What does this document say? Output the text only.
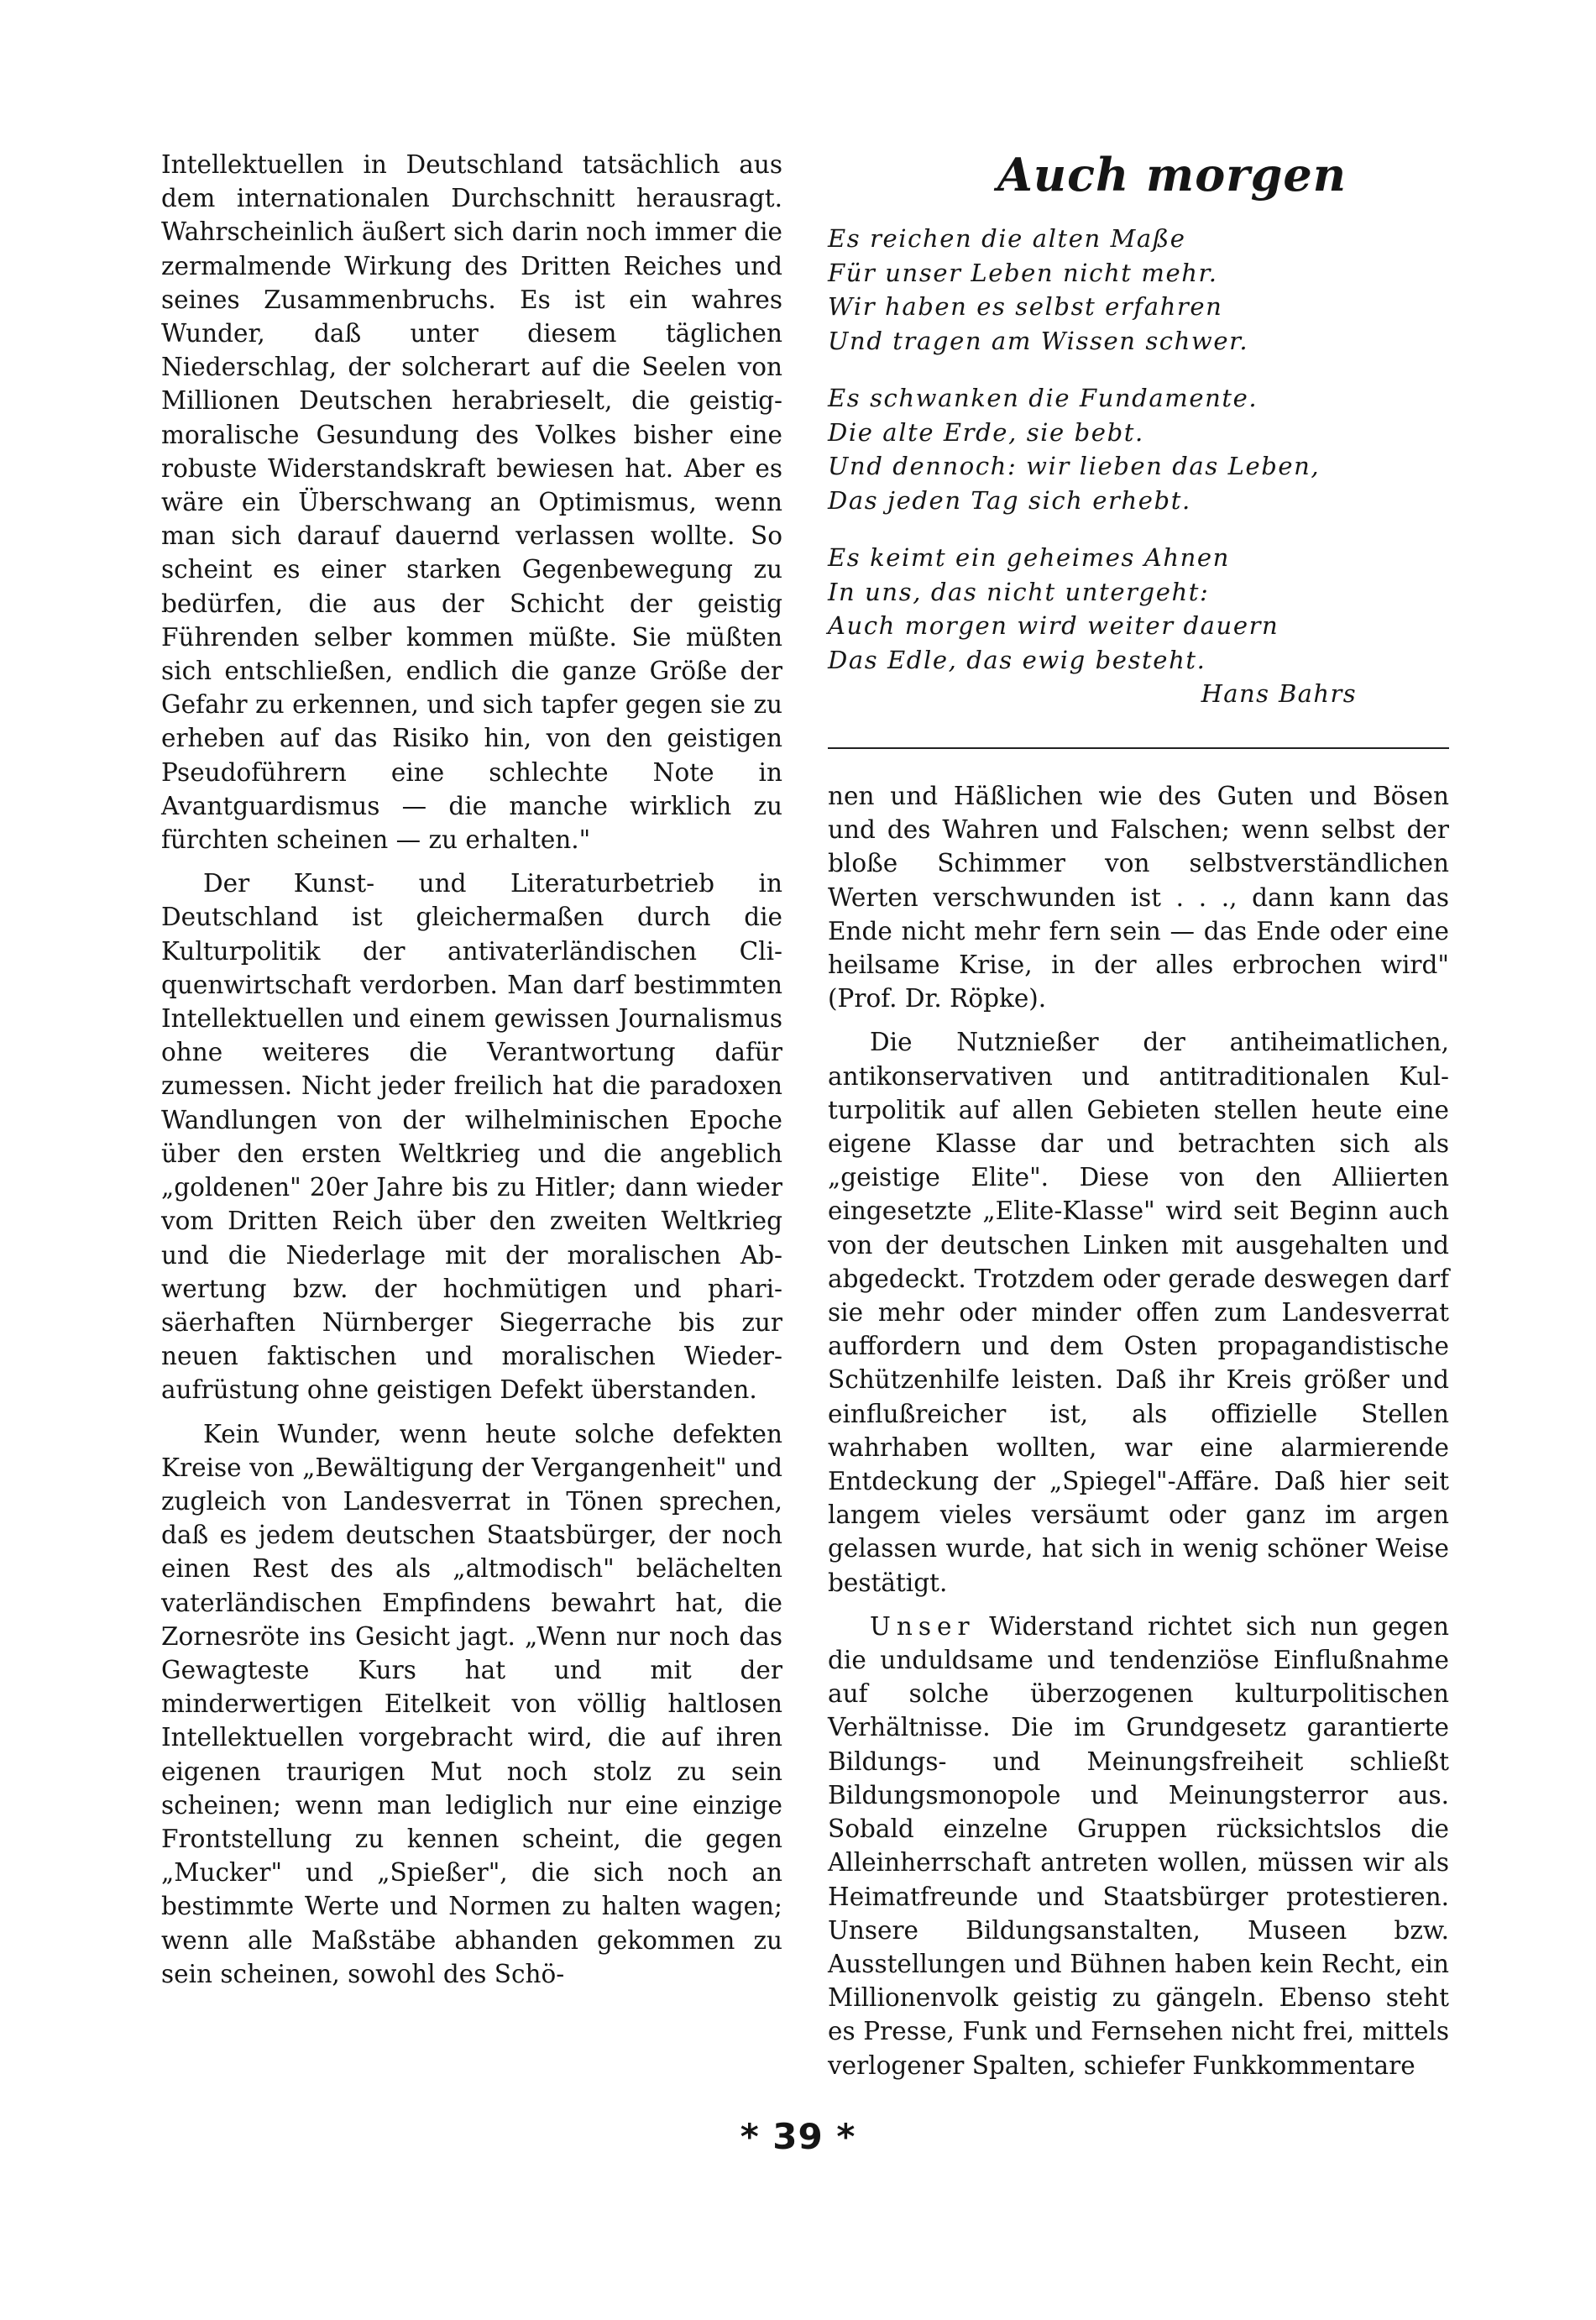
Intellektuellen in Deutschland tatsächlich aus dem internationalen Durchschnitt herausragt. Wahrscheinlich äußert sich darin noch immer die zermalmende Wirkung des Dritten Reiches und seines Zusammenbruchs. Es ist ein wahres Wunder, daß unter diesem täglichen Niederschlag, der solcherart auf die Seelen von Millionen Deutschen herabrieselt, die geistig-moralische Gesundung des Volkes bisher eine robuste Widerstandskraft bewiesen hat. Aber es wäre ein Überschwang an Optimismus, wenn man sich darauf dauernd verlassen wollte. So scheint es einer starken Gegenbewegung zu bedürfen, die aus der Schicht der geistig Führenden selber kommen müßte. Sie müßten sich entschließen, endlich die ganze Größe der Gefahr zu erkennen, und sich tapfer gegen sie zu erheben auf das Risiko hin, von den geistigen Pseudoführern eine schlechte Note in Avantguardismus — die manche wirklich zu fürchten scheinen — zu erhalten."

Der Kunst- und Literaturbetrieb in Deutschland ist gleichermaßen durch die Kulturpolitik der antivaterländischen Cliquenwirtschaft verdorben. Man darf bestimmten Intellektuellen und einem gewissen Journalismus ohne weiteres die Verantwortung dafür zumessen. Nicht jeder freilich hat die paradoxen Wandlungen von der wilhelminischen Epoche über den ersten Weltkrieg und die angeblich „goldenen" 20er Jahre bis zu Hitler; dann wieder vom Dritten Reich über den zweiten Weltkrieg und die Niederlage mit der moralischen Abwertung bzw. der hochmütigen und pharisäerhaften Nürnberger Siegerrache bis zur neuen faktischen und moralischen Wiederaufrüstung ohne geistigen Defekt überstanden.

Kein Wunder, wenn heute solche defekten Kreise von „Bewältigung der Vergangenheit" und zugleich von Landesverrat in Tönen sprechen, daß es jedem deutschen Staatsbürger, der noch einen Rest des als „altmodisch" belächelten vaterländischen Empfindens bewahrt hat, die Zornesröte ins Gesicht jagt. „Wenn nur noch das Gewagteste Kurs hat und mit der minderwertigen Eitelkeit von völlig haltlosen Intellektuellen vorgebracht wird, die auf ihren eigenen traurigen Mut noch stolz zu sein scheinen; wenn man lediglich nur eine einzige Frontstellung zu kennen scheint, die gegen „Mucker" und „Spießer", die sich noch an bestimmte Werte und Normen zu halten wagen; wenn alle Maßstäbe abhanden gekommen zu sein scheinen, sowohl des Schö-

Auch morgen
Es reichen die alten Maße
Für unser Leben nicht mehr.
Wir haben es selbst erfahren
Und tragen am Wissen schwer.
Es schwanken die Fundamente.
Die alte Erde, sie bebt.
Und dennoch: wir lieben das Leben,
Das jeden Tag sich erhebt.
Es keimt ein geheimes Ahnen
In uns, das nicht untergeht:
Auch morgen wird weiter dauern
Das Edle, das ewig besteht.
Hans Bahrs

nen und Häßlichen wie des Guten und Bösen und des Wahren und Falschen; wenn selbst der bloße Schimmer von selbstverständlichen Werten verschwunden ist . . ., dann kann das Ende nicht mehr fern sein — das Ende oder eine heilsame Krise, in der alles erbrochen wird" (Prof. Dr. Röpke).

Die Nutznießer der antiheimatlichen, antikonservativen und antitraditionalen Kulturpolitik auf allen Gebieten stellen heute eine eigene Klasse dar und betrachten sich als „geistige Elite". Diese von den Alliierten eingesetzte „Elite-Klasse" wird seit Beginn auch von der deutschen Linken mit ausgehalten und abgedeckt. Trotzdem oder gerade deswegen darf sie mehr oder minder offen zum Landesverrat auffordern und dem Osten propagandistische Schützenhilfe leisten. Daß ihr Kreis größer und einflußreicher ist, als offizielle Stellen wahrhaben wollten, war eine alarmierende Entdeckung der „Spiegel"-Affäre. Daß hier seit langem vieles versäumt oder ganz im argen gelassen wurde, hat sich in wenig schöner Weise bestätigt.

Unser Widerstand richtet sich nun gegen die unduldsame und tendenziöse Einflußnahme auf solche überzogenen kulturpolitischen Verhältnisse. Die im Grundgesetz garantierte Bildungs- und Meinungsfreiheit schließt Bildungsmonopole und Meinungsterror aus. Sobald einzelne Gruppen rücksichtslos die Alleinherrschaft antreten wollen, müssen wir als Heimatfreunde und Staatsbürger protestieren. Unsere Bildungsanstalten, Museen bzw. Ausstellungen und Bühnen haben kein Recht, ein Millionenvolk geistig zu gängeln. Ebenso steht es Presse, Funk und Fernsehen nicht frei, mittels verlogener Spalten, schiefer Funkkommentare

* 39 *
